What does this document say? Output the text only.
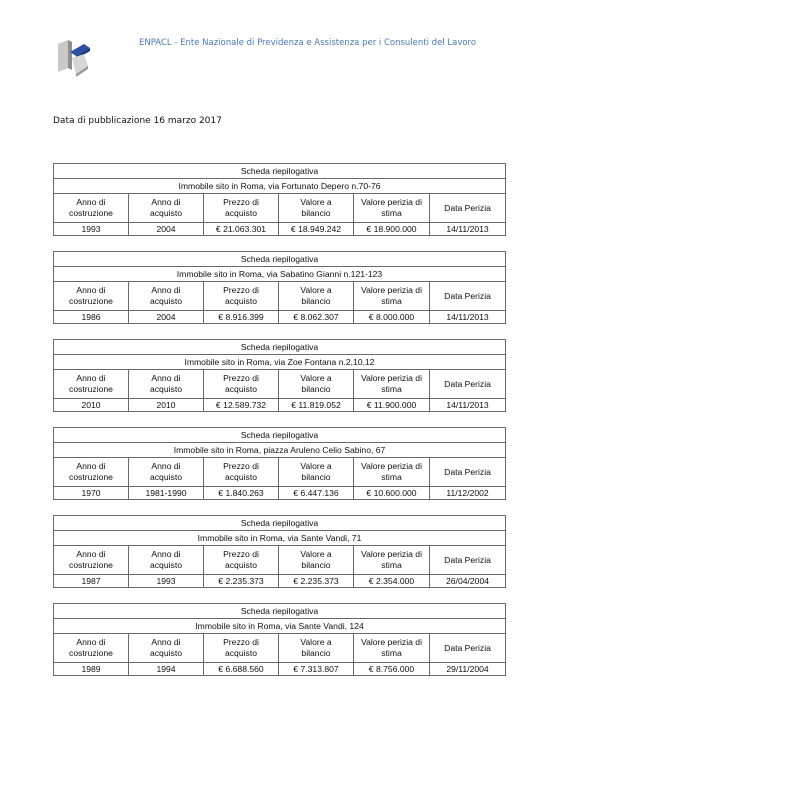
ENPACL - Ente Nazionale di Previdenza e Assistenza per i Consulenti del Lavoro
Data di pubblicazione 16 marzo 2017
Scheda riepilogativa					
Immobile sito in Roma, via Fortunato Depero n.70-76					

Anno di
costruzione	Anno di
acquisto	Prezzo di
acquisto	Valore a
bilancio	Valore perizia di
stima	Data Perizia

1993	2004	€ 21.063.301	€ 18.949.242	€ 18.900.000	14/11/2013
Scheda riepilogativa					
Immobile sito in Roma, via Sabatino Gianni n.121-123					

Anno di
costruzione	Anno di
acquisto	Prezzo di
acquisto	Valore a
bilancio	Valore perizia di
stima	Data Perizia

1986	2004	€ 8.916.399	€ 8.062.307	€ 8.000.000	14/11/2013
Scheda riepilogativa					
Immobile sito in Roma, via Zoe Fontana n.2,10,12					

Anno di
costruzione	Anno di
acquisto	Prezzo di
acquisto	Valore a
bilancio	Valore perizia di
stima	Data Perizia

2010	2010	€ 12.589.732	€ 11.819.052	€ 11.900.000	14/11/2013
Scheda riepilogativa					
Immobile sito in Roma, piazza Aruleno Celio Sabino, 67					

Anno di
costruzione	Anno di
acquisto	Prezzo di
acquisto	Valore a
bilancio	Valore perizia di
stima	Data Perizia

1970	1981-1990	€ 1.840.263	€ 6.447.136	€ 10.600.000	11/12/2002
Scheda riepilogativa					
Immobile sito in Roma, via Sante Vandi, 71					

Anno di
costruzione	Anno di
acquisto	Prezzo di
acquisto	Valore a
bilancio	Valore perizia di
stima	Data Perizia

1987	1993	€ 2.235.373	€ 2.235.373	€ 2.354.000	26/04/2004
Scheda riepilogativa					
Immobile sito in Roma, via Sante Vandi, 124					

Anno di
costruzione	Anno di
acquisto	Prezzo di
acquisto	Valore a
bilancio	Valore perizia di
stima	Data Perizia

1989	1994	€ 6.688.560	€ 7.313.807	€ 8.756.000	29/11/2004
